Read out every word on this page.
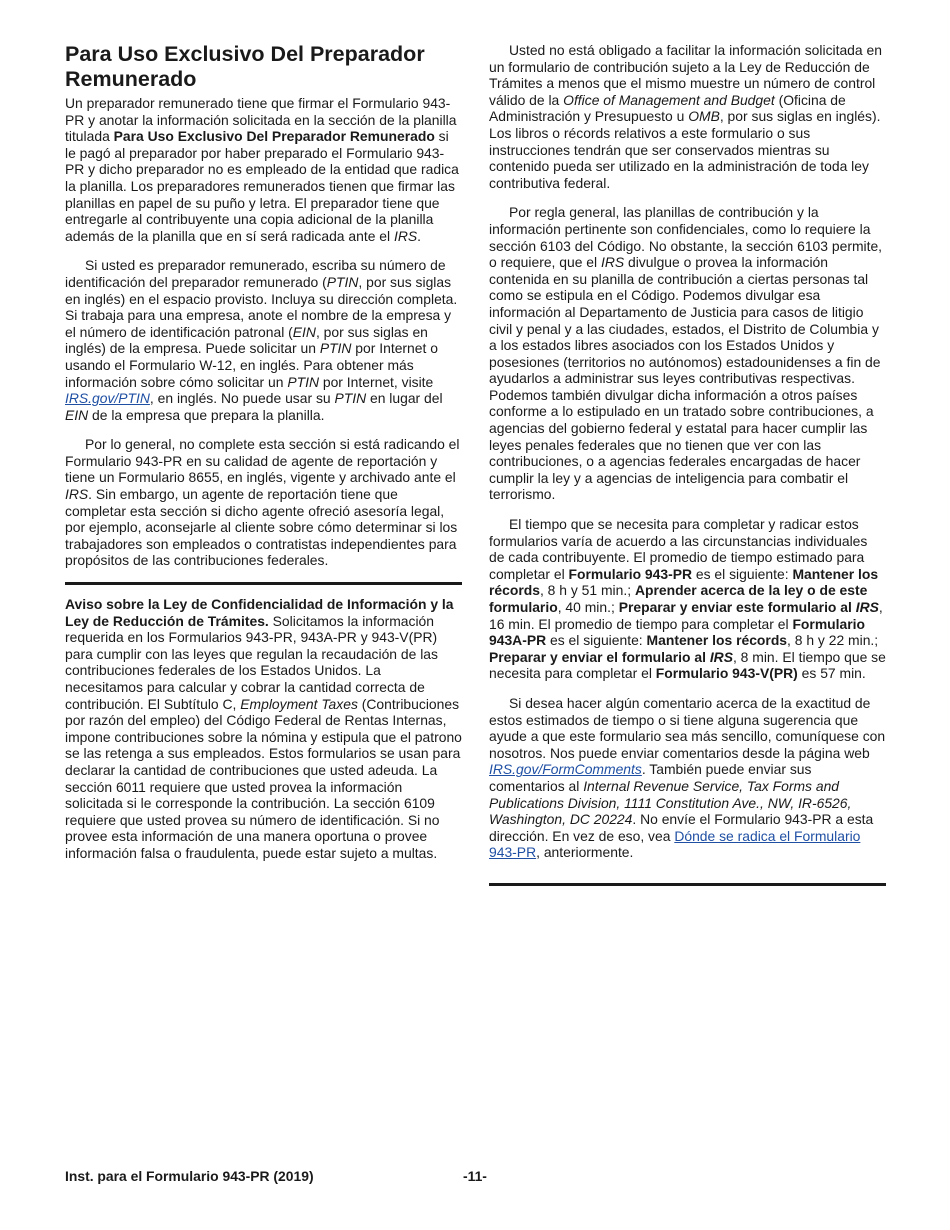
Para Uso Exclusivo Del Preparador Remunerado

Un preparador remunerado tiene que firmar el Formulario 943-PR y anotar la información solicitada en la sección de la planilla titulada Para Uso Exclusivo Del Preparador Remunerado si le pagó al preparador por haber preparado el Formulario 943-PR y dicho preparador no es empleado de la entidad que radica la planilla. Los preparadores remunerados tienen que firmar las planillas en papel de su puño y letra. El preparador tiene que entregarle al contribuyente una copia adicional de la planilla además de la planilla que en sí será radicada ante el IRS.

Si usted es preparador remunerado, escriba su número de identificación del preparador remunerado (PTIN, por sus siglas en inglés) en el espacio provisto. Incluya su dirección completa. Si trabaja para una empresa, anote el nombre de la empresa y el número de identificación patronal (EIN, por sus siglas en inglés) de la empresa. Puede solicitar un PTIN por Internet o usando el Formulario W-12, en inglés. Para obtener más información sobre cómo solicitar un PTIN por Internet, visite IRS.gov/PTIN, en inglés. No puede usar su PTIN en lugar del EIN de la empresa que prepara la planilla.

Por lo general, no complete esta sección si está radicando el Formulario 943-PR en su calidad de agente de reportación y tiene un Formulario 8655, en inglés, vigente y archivado ante el IRS. Sin embargo, un agente de reportación tiene que completar esta sección si dicho agente ofreció asesoría legal, por ejemplo, aconsejarle al cliente sobre cómo determinar si los trabajadores son empleados o contratistas independientes para propósitos de las contribuciones federales.

Aviso sobre la Ley de Confidencialidad de Información y la Ley de Reducción de Trámites. Solicitamos la información requerida en los Formularios 943-PR, 943A-PR y 943-V(PR) para cumplir con las leyes que regulan la recaudación de las contribuciones federales de los Estados Unidos. La necesitamos para calcular y cobrar la cantidad correcta de contribución. El Subtítulo C, Employment Taxes (Contribuciones por razón del empleo) del Código Federal de Rentas Internas, impone contribuciones sobre la nómina y estipula que el patrono se las retenga a sus empleados. Estos formularios se usan para declarar la cantidad de contribuciones que usted adeuda. La sección 6011 requiere que usted provea la información solicitada si le corresponde la contribución. La sección 6109 requiere que usted provea su número de identificación. Si no provee esta información de una manera oportuna o provee información falsa o fraudulenta, puede estar sujeto a multas.

Usted no está obligado a facilitar la información solicitada en un formulario de contribución sujeto a la Ley de Reducción de Trámites a menos que el mismo muestre un número de control válido de la Office of Management and Budget (Oficina de Administración y Presupuesto u OMB, por sus siglas en inglés). Los libros o récords relativos a este formulario o sus instrucciones tendrán que ser conservados mientras su contenido pueda ser utilizado en la administración de toda ley contributiva federal.

Por regla general, las planillas de contribución y la información pertinente son confidenciales, como lo requiere la sección 6103 del Código. No obstante, la sección 6103 permite, o requiere, que el IRS divulgue o provea la información contenida en su planilla de contribución a ciertas personas tal como se estipula en el Código. Podemos divulgar esa información al Departamento de Justicia para casos de litigio civil y penal y a las ciudades, estados, el Distrito de Columbia y a los estados libres asociados con los Estados Unidos y posesiones (territorios no autónomos) estadounidenses a fin de ayudarlos a administrar sus leyes contributivas respectivas. Podemos también divulgar dicha información a otros países conforme a lo estipulado en un tratado sobre contribuciones, a agencias del gobierno federal y estatal para hacer cumplir las leyes penales federales que no tienen que ver con las contribuciones, o a agencias federales encargadas de hacer cumplir la ley y a agencias de inteligencia para combatir el terrorismo.

El tiempo que se necesita para completar y radicar estos formularios varía de acuerdo a las circunstancias individuales de cada contribuyente. El promedio de tiempo estimado para completar el Formulario 943-PR es el siguiente: Mantener los récords, 8 h y 51 min.; Aprender acerca de la ley o de este formulario, 40 min.; Preparar y enviar este formulario al IRS, 16 min. El promedio de tiempo para completar el Formulario 943A-PR es el siguiente: Mantener los récords, 8 h y 22 min.; Preparar y enviar el formulario al IRS, 8 min. El tiempo que se necesita para completar el Formulario 943-V(PR) es 57 min.

Si desea hacer algún comentario acerca de la exactitud de estos estimados de tiempo o si tiene alguna sugerencia que ayude a que este formulario sea más sencillo, comuníquese con nosotros. Nos puede enviar comentarios desde la página web IRS.gov/FormComments. También puede enviar sus comentarios al Internal Revenue Service, Tax Forms and Publications Division, 1111 Constitution Ave., NW, IR-6526, Washington, DC 20224. No envíe el Formulario 943-PR a esta dirección. En vez de eso, vea Dónde se radica el Formulario 943-PR, anteriormente.

Inst. para el Formulario 943-PR (2019)	-11-
